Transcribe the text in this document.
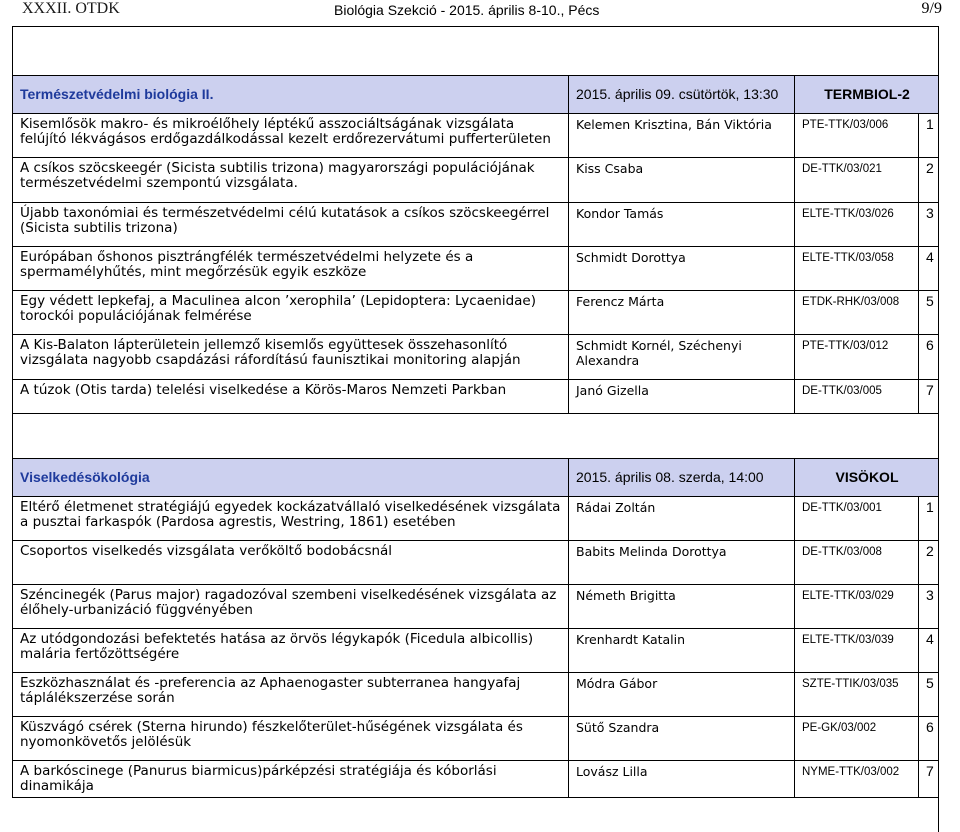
XXXII. OTDK	Biológia Szekció - 2015. április 8-10., Pécs	9/9

Természetvédelmi biológia II.	2015. április 09. csütörtök, 13:30	TERMBIOL-2	
Kisemlősök makro- és mikroélőhely léptékű asszociáltságának vizsgálata felújító lékvágásos erdőgazdálkodással kezelt erdőrezervátumi pufferterületen	Kelemen Krisztina, Bán Viktória	PTE-TTK/03/006	1
A csíkos szöcskeegér (Sicista subtilis trizona) magyarországi populációjának természetvédelmi szempontú vizsgálata.	Kiss Csaba	DE-TTK/03/021	2
Újabb taxonómiai és természetvédelmi célú kutatások a csíkos szöcskeegérrel (Sicista subtilis trizona)	Kondor Tamás	ELTE-TTK/03/026	3
Európában őshonos pisztrángfélék természetvédelmi helyzete és a spermamélyhűtés, mint megőrzésük egyik eszköze	Schmidt Dorottya	ELTE-TTK/03/058	4
Egy védett lepkefaj, a Maculinea alcon ’xerophila’ (Lepidoptera: Lycaenidae) torockói populációjának felmérése	Ferencz Márta	ETDK-RHK/03/008	5
A Kis-Balaton lápterületein jellemző kisemlős együttesek összehasonlító vizsgálata nagyobb csapdázási ráfordítású faunisztikai monitoring alapján	Schmidt Kornél, Széchenyi Alexandra	PTE-TTK/03/012	6
A túzok (Otis tarda) telelési viselkedése a Körös-Maros Nemzeti Parkban	Janó Gizella	DE-TTK/03/005	7

Viselkedésökológia	2015. április 08. szerda, 14:00	VISÖKOL	
Eltérő életmenet stratégiájú egyedek kockázatvállaló viselkedésének vizsgálata a pusztai farkaspók (Pardosa agrestis, Westring, 1861) esetében	Rádai Zoltán	DE-TTK/03/001	1
Csoportos viselkedés vizsgálata verőköltő bodobácsnál	Babits Melinda Dorottya	DE-TTK/03/008	2
Széncinegék (Parus major) ragadozóval szembeni viselkedésének vizsgálata az élőhely-urbanizáció függvényében	Németh Brigitta	ELTE-TTK/03/029	3
Az utódgondozási befektetés hatása az örvös légykapók (Ficedula albicollis) malária fertőzöttségére	Krenhardt Katalin	ELTE-TTK/03/039	4
Eszközhasználat és -preferencia az Aphaenogaster subterranea hangyafaj táplálékszerzése során	Módra Gábor	SZTE-TTIK/03/035	5
Küszvágó csérek (Sterna hirundo) fészkelőterület-hűségének vizsgálata és nyomonkövetős jelölésük	Sütő Szandra	PE-GK/03/002	6
A barkóscinege (Panurus biarmicus)párképzési stratégiája és kóborlási dinamikája	Lovász Lilla	NYME-TTK/03/002	7
